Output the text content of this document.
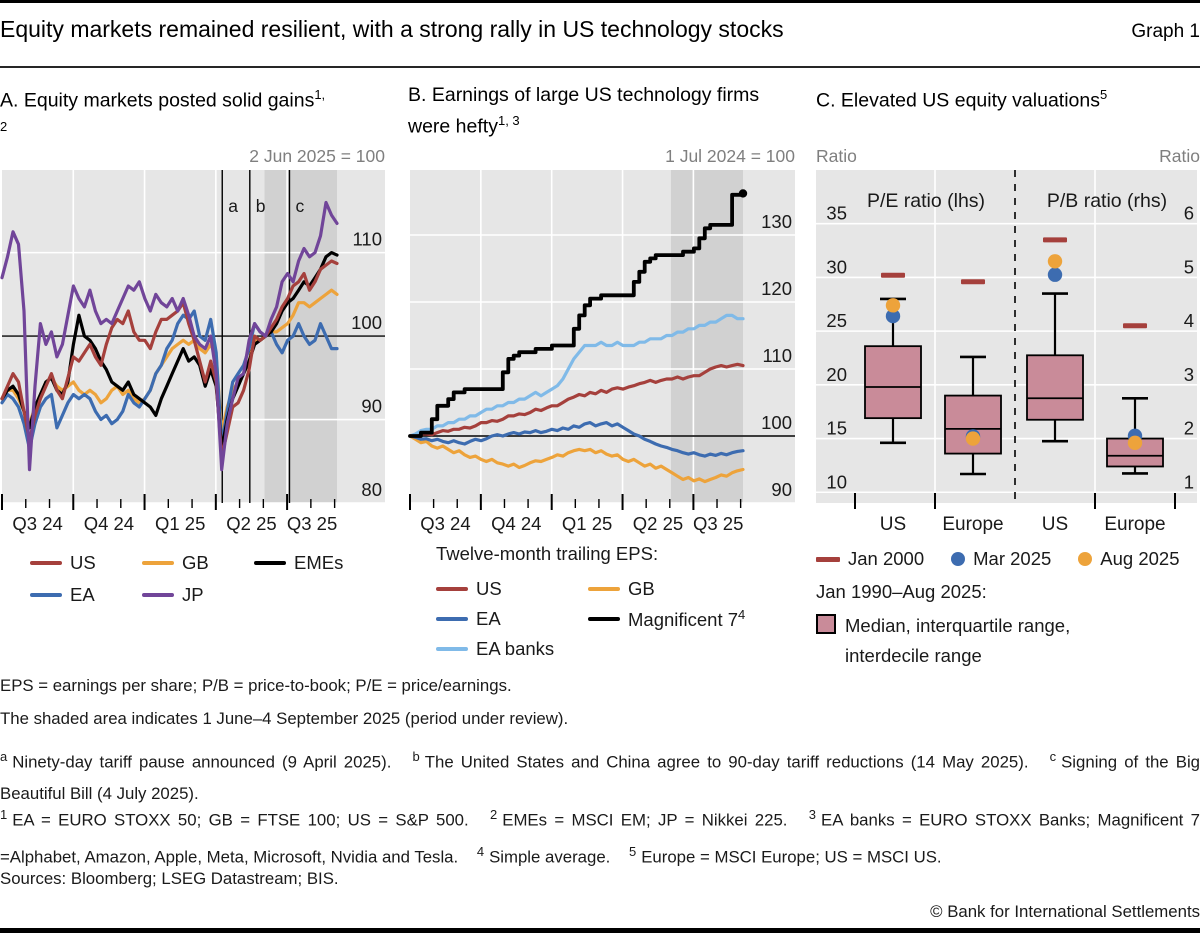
Equity markets remained resilient, with a strong rally in US technology stocks	Graph 1
A. Equity markets posted solid gains$^{1, 2}$
B. Earnings of large US technology firms were hefty$^{1, 3}$
C. Elevated US equity valuations$^5$
2 Jun 2025 = 100	1 Jul 2024 = 100 Ratio	Ratio
a b c
80
90
100
110
Q3 24 Q4 24 Q1 25 Q2 25 Q3 25
90
100
110
120
130
Q3 24 Q4 24 Q1 25 Q2 25 Q3 25
P/E ratio (lhs)	P/B ratio (rhs)
10
15
20
25
30
35
1
2
3
4
5
6
US Europe US Europe
US	GB	EMEs
EA	JP
Twelve-month trailing EPS:
US	GB
EA	Magnificent $7^4$
EA banks
Jan 2000	Mar 2025	Aug 2025
Jan 1990–Aug 2025:
Median, interquartile range,
interdecile range
EPS = earnings per share; P/B = price-to-book; P/E = price/earnings.
The shaded area indicates 1 June–4 September 2025 (period under review).
$^a$ Ninety-day tariff pause announced (9 April 2025). $^b$ The United States and China agree to 90-day tariff reductions (14 May 2025). $^c$ Signing of the Big Beautiful Bill (4 July 2025).
$^1$ EA = EURO STOXX 50; GB = FTSE 100; US = S&P 500. $^2$ EMEs = MSCI EM; JP = Nikkei 225. $^3$ EA banks = EURO STOXX Banks; Magnificent 7 =Alphabet, Amazon, Apple, Meta, Microsoft, Nvidia and Tesla. $^4$ Simple average. $^5$ Europe = MSCI Europe; US = MSCI US.
Sources: Bloomberg; LSEG Datastream; BIS.
© Bank for International Settlements
